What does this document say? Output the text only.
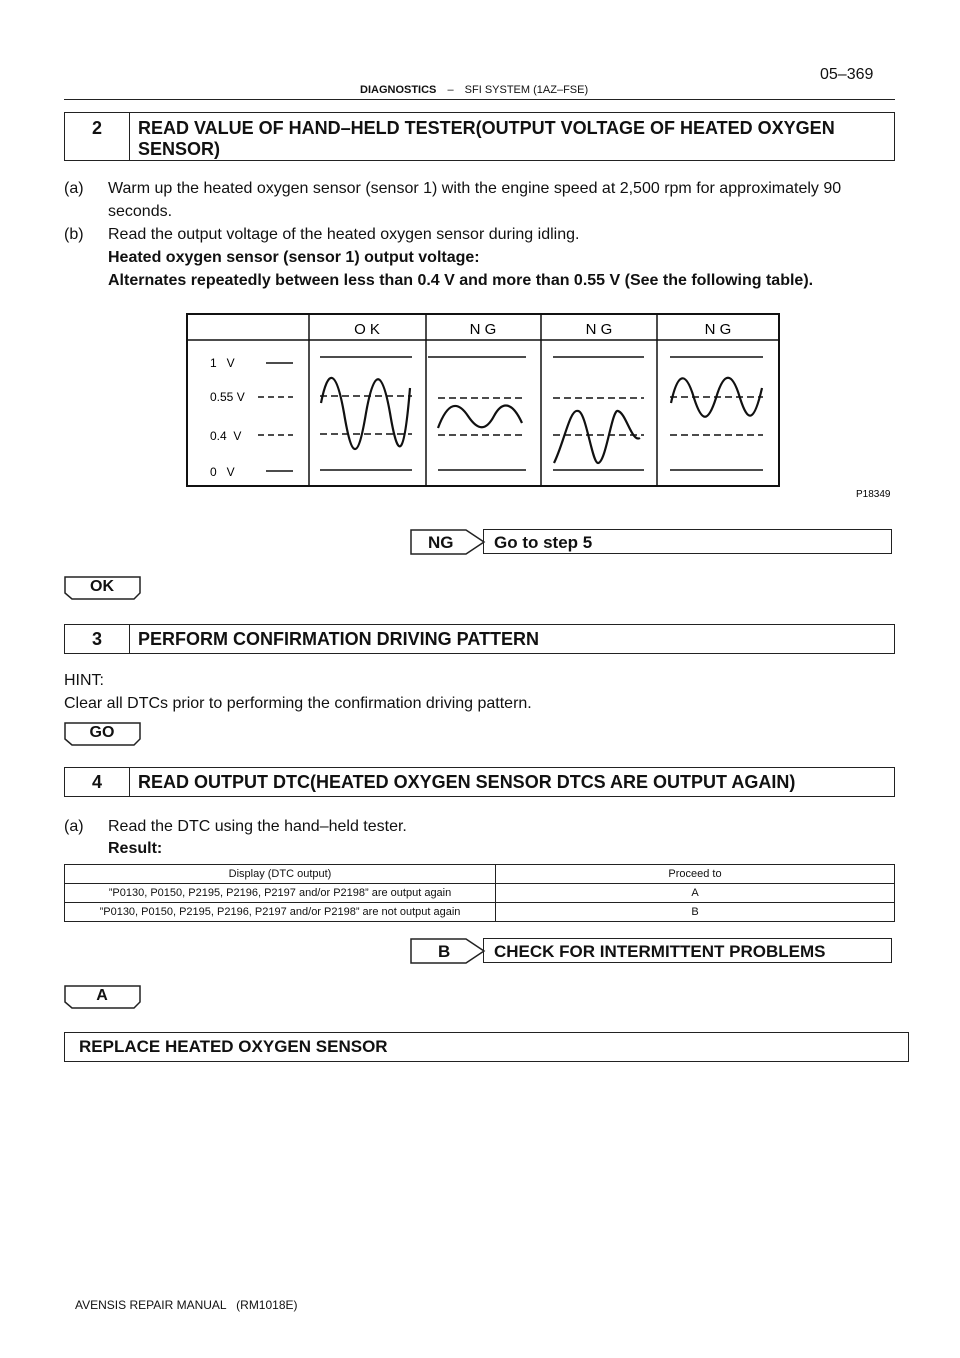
DIAGNOSTICS – SFI SYSTEM (1AZ–FSE)
05–369
2	READ VALUE OF HAND–HELD TESTER(OUTPUT VOLTAGE OF HEATED OXYGEN SENSOR)
(a) Warm up the heated oxygen sensor (sensor 1) with the engine speed at 2,500 rpm for approximately 90 seconds.
(b) Read the output voltage of the heated oxygen sensor during idling.
Heated oxygen sensor (sensor 1) output voltage:
Alternates repeatedly between less than 0.4 V and more than 0.55 V (See the following table).
O K	N G	N G	N G
1   V
0.55 V
0.4  V
0   V
P18349
NG	Go to step 5
OK
3	PERFORM CONFIRMATION DRIVING PATTERN
HINT:
Clear all DTCs prior to performing the confirmation driving pattern.
GO
4	READ OUTPUT DTC(HEATED OXYGEN SENSOR DTCS ARE OUTPUT AGAIN)
(a) Read the DTC using the hand–held tester.
Result:
Display (DTC output)	Proceed to
”P0130, P0150, P2195, P2196, P2197 and/or P2198” are output again	A
”P0130, P0150, P2195, P2196, P2197 and/or P2198” are not output again	B
B	CHECK FOR INTERMITTENT PROBLEMS
A
REPLACE HEATED OXYGEN SENSOR
AVENSIS REPAIR MANUAL   (RM1018E)
